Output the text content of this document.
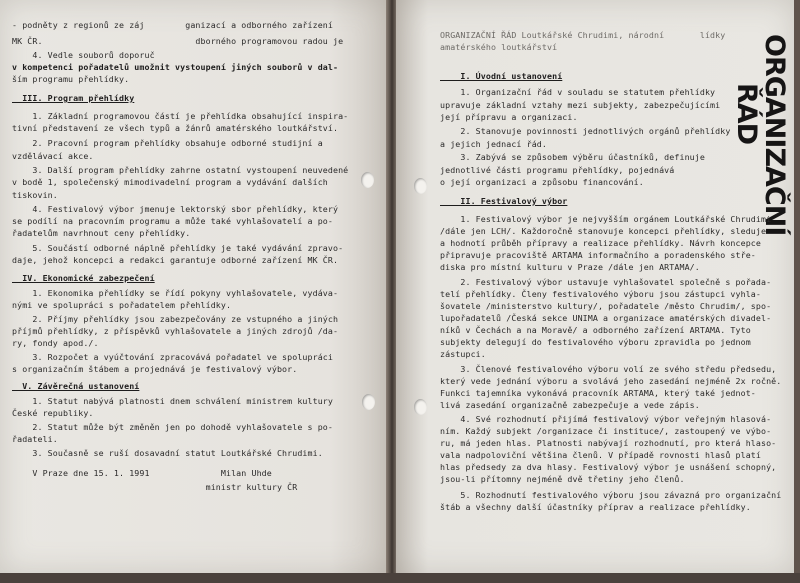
ORGANIZAČNÍ ŘÁD
- podněty z regionů ze záj        ganizací a odborného zařízení
MK ČR.                              dborného programovou radou je
4. Vedle souborů doporuč
v kompetenci pořadatelů umožnit vystoupení jiných souborů v dal-
ším programu přehlídky.
III. Program přehlídky
1. Základní programovou částí je přehlídka obsahující inspira-
tivní představení ze všech typů a žánrů amatérského loutkářství.
2. Pracovní program přehlídky obsahuje odborné studijní a
vzdělávací akce.
3. Další program přehlídky zahrne ostatní vystoupení neuvedené
v bodě 1, společenský mimodivadelní program a vydávání dalších
tiskovin.
4. Festivalový výbor jmenuje lektorský sbor přehlídky, který
se podílí na pracovním programu a může také vyhlašovatelí a po-
řadatelům navrhnout ceny přehlídky.
5. Součástí odborné náplně přehlídky je také vydávání zpravo-
daje, jehož koncepci a redakci garantuje odborné zařízení MK ČR.
IV. Ekonomické zabezpečení
1. Ekonomika přehlídky se řídí pokyny vyhlašovatele, vydáva-
nými ve spolupráci s pořadatelem přehlídky.
2. Příjmy přehlídky jsou zabezpečovány ze vstupného a jiných
příjmů přehlídky, z příspěvků vyhlašovatele a jiných zdrojů /da-
ry, fondy apod./.
3. Rozpočet a vyúčtování zpracovává pořadatel ve spolupráci
s organizačním štábem a projednává je festivalový výbor.
V. Závěrečná ustanovení
1. Statut nabývá platnosti dnem schválení ministrem kultury
České republiky.
2. Statut může být změněn jen po dohodě vyhlašovatele s po-
řadateli.
3. Současně se ruší dosavadní statut Loutkářské Chrudimi.
V Praze dne 15. 1. 1991              Milan Uhde
ministr kultury ČR
ORGANIZAČNÍ ŘÁD Loutkářské Chrudimi, národní       lídky
amatérského loutkářství
I. Úvodní ustanovení
1. Organizační řád v souladu se statutem přehlídky
upravuje základní vztahy mezi subjekty, zabezpečujícími
její přípravu a organizaci.
2. Stanovuje povinnosti jednotlivých orgánů přehlídky
a jejich jednací řád.
3. Zabývá se způsobem výběru účastníků, definuje
jednotlivé části programu přehlídky, pojednává
o její organizaci a způsobu financování.
II. Festivalový výbor
1. Festivalový výbor je nejvyšším orgánem Loutkářské Chrudimi
/dále jen LCH/. Každoročně stanovuje koncepci přehlídky, sleduje
a hodnotí průběh přípravy a realizace přehlídky. Návrh koncepce
připravuje pracoviště ARTAMA informačního a poradenského stře-
diska pro místní kulturu v Praze /dále jen ARTAMA/.
2. Festivalový výbor ustavuje vyhlašovatel společně s pořada-
telí přehlídky. Členy festivalového výboru jsou zástupci vyhla-
šovatele /ministerstvo kultury/, pořadatele /město Chrudim/, spo-
lupořadatelů /Česká sekce UNIMA a organizace amatérských divadel-
níků v Čechách a na Moravě/ a odborného zařízení ARTAMA. Tyto
subjekty delegují do festivalového výboru zpravidla po jednom
zástupci.
3. Členové festivalového výboru volí ze svého středu předsedu,
který vede jednání výboru a svolává jeho zasedání nejméně 2x ročně.
Funkci tajemníka vykonává pracovník ARTAMA, který také jednot-
livá zasedání organizačně zabezpečuje a vede zápis.
4. Své rozhodnutí přijímá festivalový výbor veřejným hlasová-
ním. Každý subjekt /organizace či instituce/, zastoupený ve výbo-
ru, má jeden hlas. Platnosti nabývají rozhodnutí, pro která hlaso-
vala nadpoloviční většina členů. V případě rovnosti hlasů platí
hlas předsedy za dva hlasy. Festivalový výbor je usnášení schopný,
jsou-li přítomny nejméně dvě třetiny jeho členů.
5. Rozhodnutí festivalového výboru jsou závazná pro organizační
štáb a všechny další účastníky příprav a realizace přehlídky.
